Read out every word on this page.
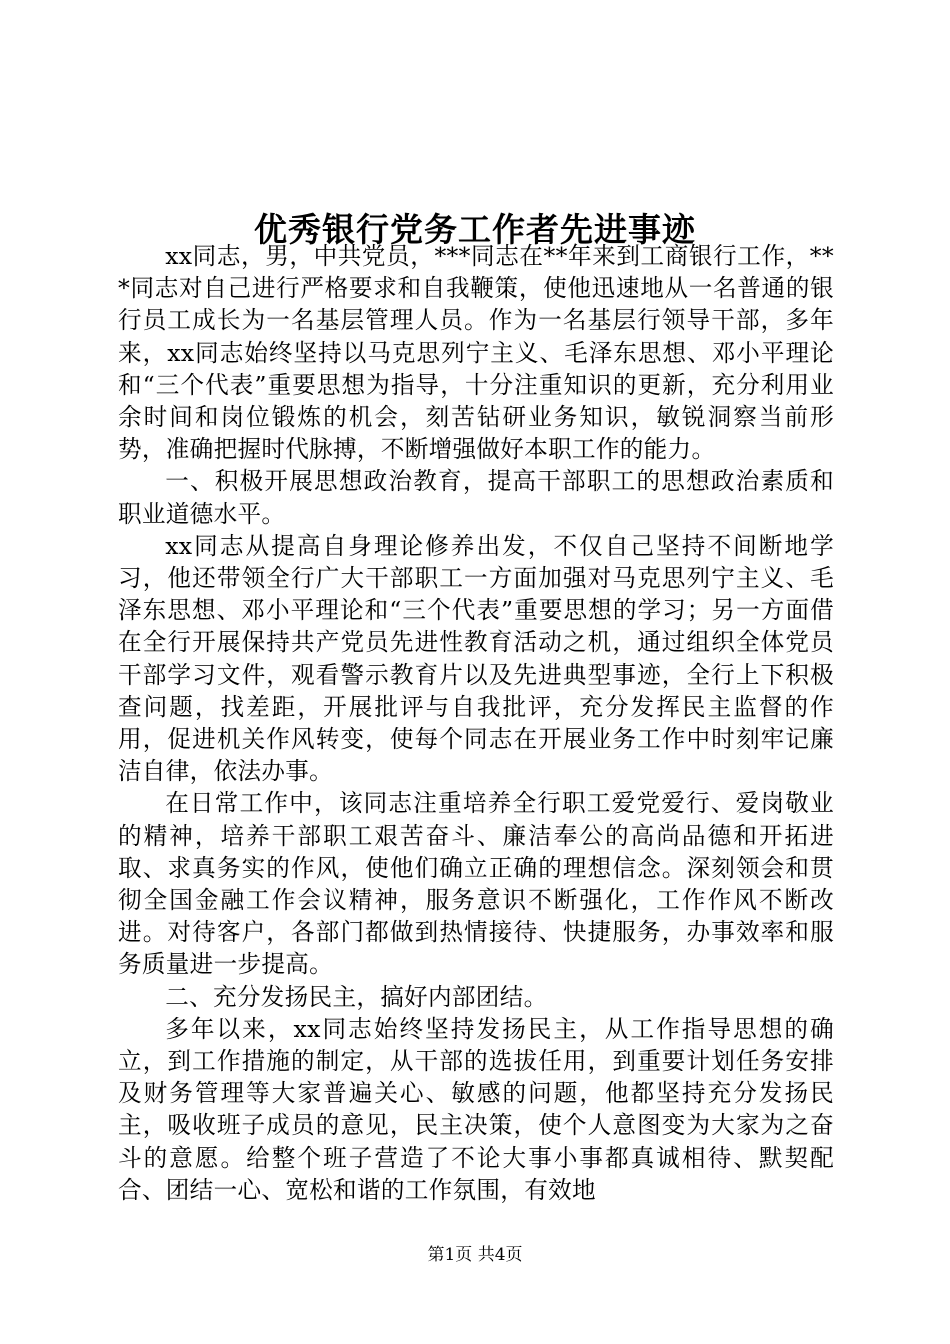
优秀银行党务工作者先进事迹

xx同志，男，中共党员，***同志在**年来到工商银行工作，***同志对自己进行严格要求和自我鞭策，使他迅速地从一名普通的银行员工成长为一名基层管理人员。作为一名基层行领导干部，多年来，xx同志始终坚持以马克思列宁主义、毛泽东思想、邓小平理论和“三个代表”重要思想为指导，十分注重知识的更新，充分利用业余时间和岗位锻炼的机会，刻苦钻研业务知识，敏锐洞察当前形势，准确把握时代脉搏，不断增强做好本职工作的能力。

一、积极开展思想政治教育，提高干部职工的思想政治素质和职业道德水平。

xx同志从提高自身理论修养出发，不仅自己坚持不间断地学习，他还带领全行广大干部职工一方面加强对马克思列宁主义、毛泽东思想、邓小平理论和“三个代表”重要思想的学习；另一方面借在全行开展保持共产党员先进性教育活动之机，通过组织全体党员干部学习文件，观看警示教育片以及先进典型事迹，全行上下积极查问题，找差距，开展批评与自我批评，充分发挥民主监督的作用，促进机关作风转变，使每个同志在开展业务工作中时刻牢记廉洁自律，依法办事。

在日常工作中，该同志注重培养全行职工爱党爱行、爱岗敬业的精神，培养干部职工艰苦奋斗、廉洁奉公的高尚品德和开拓进取、求真务实的作风，使他们确立正确的理想信念。深刻领会和贯彻全国金融工作会议精神，服务意识不断强化，工作作风不断改进。对待客户，各部门都做到热情接待、快捷服务，办事效率和服务质量进一步提高。

二、充分发扬民主，搞好内部团结。

多年以来，xx同志始终坚持发扬民主，从工作指导思想的确立，到工作措施的制定，从干部的选拔任用，到重要计划任务安排及财务管理等大家普遍关心、敏感的问题，他都坚持充分发扬民主，吸收班子成员的意见，民主决策，使个人意图变为大家为之奋斗的意愿。给整个班子营造了不论大事小事都真诚相待、默契配合、团结一心、宽松和谐的工作氛围，有效地

第1页 共4页
